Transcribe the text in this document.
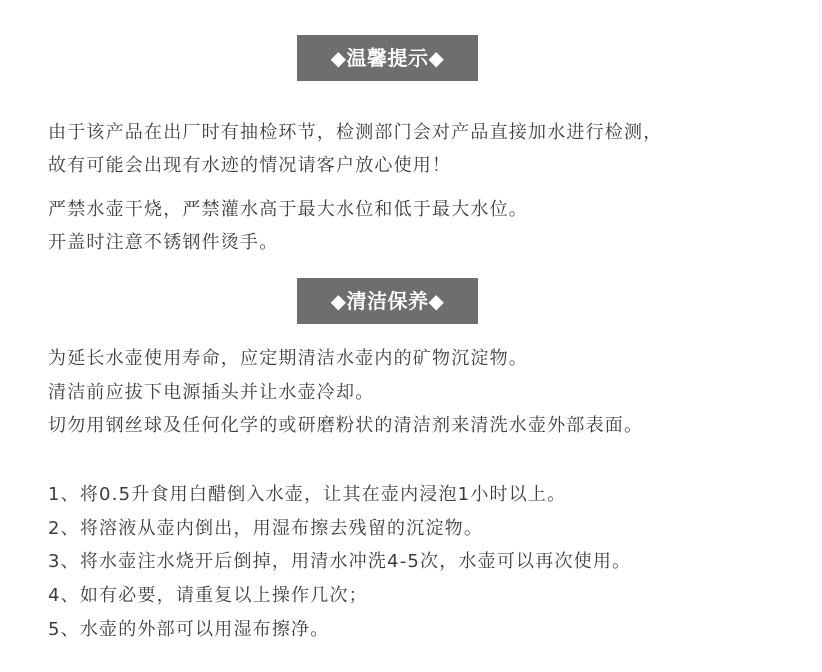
◆温馨提示◆
由于该产品在出厂时有抽检环节，检测部门会对产品直接加水进行检测，
故有可能会出现有水迹的情况请客户放心使用！
严禁水壶干烧，严禁灌水高于最大水位和低于最大水位。
开盖时注意不锈钢件烫手。
◆清洁保养◆
为延长水壶使用寿命，应定期清洁水壶内的矿物沉淀物。
清洁前应拔下电源插头并让水壶冷却。
切勿用钢丝球及任何化学的或研磨粉状的清洁剂来清洗水壶外部表面。
1、将0.5升食用白醋倒入水壶，让其在壶内浸泡1小时以上。
2、将溶液从壶内倒出，用湿布擦去残留的沉淀物。
3、将水壶注水烧开后倒掉，用清水冲洗4-5次，水壶可以再次使用。
4、如有必要，请重复以上操作几次；
5、水壶的外部可以用湿布擦净。
